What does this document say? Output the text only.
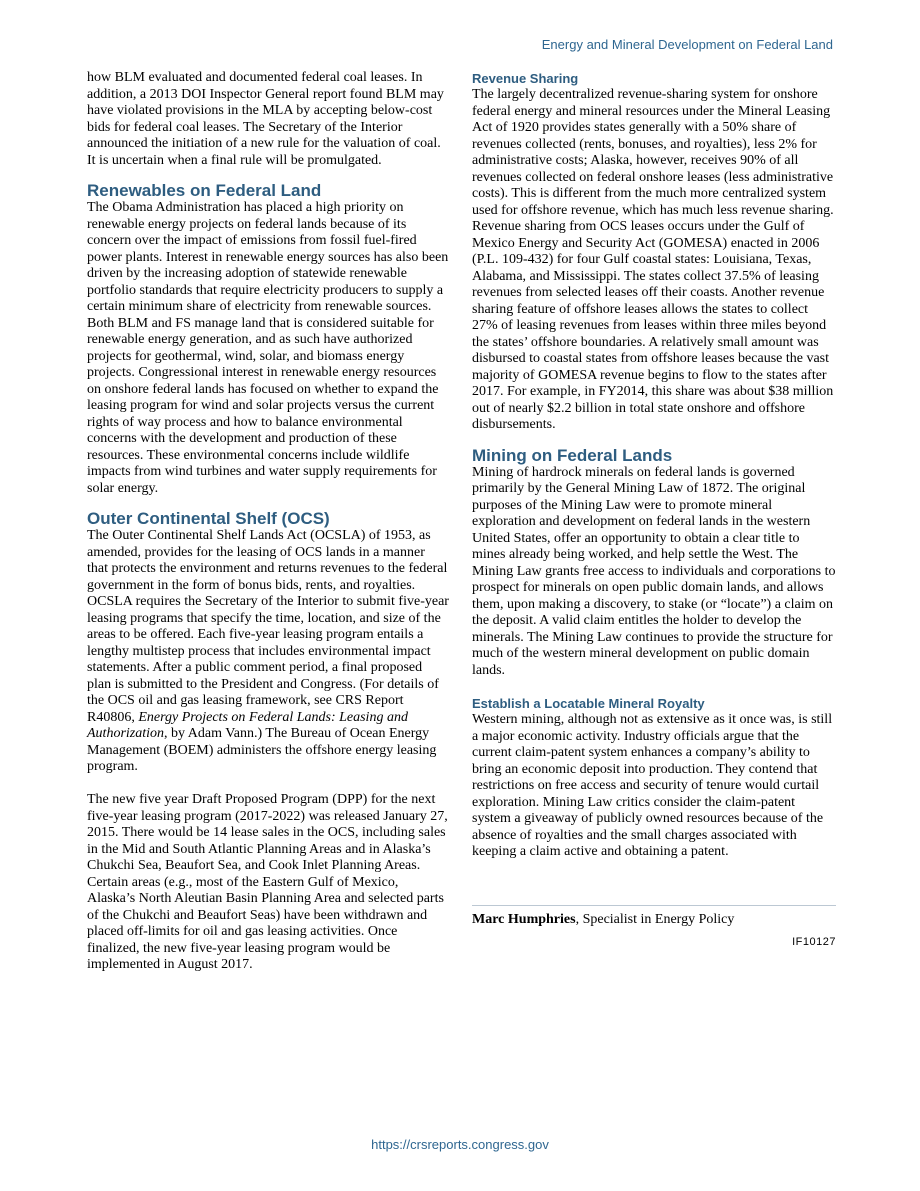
Energy and Mineral Development on Federal Land

how BLM evaluated and documented federal coal leases. In addition, a 2013 DOI Inspector General report found BLM may have violated provisions in the MLA by accepting below-cost bids for federal coal leases. The Secretary of the Interior announced the initiation of a new rule for the valuation of coal. It is uncertain when a final rule will be promulgated.

Renewables on Federal Land

The Obama Administration has placed a high priority on renewable energy projects on federal lands because of its concern over the impact of emissions from fossil fuel-fired power plants. Interest in renewable energy sources has also been driven by the increasing adoption of statewide renewable portfolio standards that require electricity producers to supply a certain minimum share of electricity from renewable sources. Both BLM and FS manage land that is considered suitable for renewable energy generation, and as such have authorized projects for geothermal, wind, solar, and biomass energy projects. Congressional interest in renewable energy resources on onshore federal lands has focused on whether to expand the leasing program for wind and solar projects versus the current rights of way process and how to balance environmental concerns with the development and production of these resources. These environmental concerns include wildlife impacts from wind turbines and water supply requirements for solar energy.

Outer Continental Shelf (OCS)

The Outer Continental Shelf Lands Act (OCSLA) of 1953, as amended, provides for the leasing of OCS lands in a manner that protects the environment and returns revenues to the federal government in the form of bonus bids, rents, and royalties. OCSLA requires the Secretary of the Interior to submit five-year leasing programs that specify the time, location, and size of the areas to be offered. Each five-year leasing program entails a lengthy multistep process that includes environmental impact statements. After a public comment period, a final proposed plan is submitted to the President and Congress. (For details of the OCS oil and gas leasing framework, see CRS Report R40806, Energy Projects on Federal Lands: Leasing and Authorization, by Adam Vann.) The Bureau of Ocean Energy Management (BOEM) administers the offshore energy leasing program.

The new five year Draft Proposed Program (DPP) for the next five-year leasing program (2017-2022) was released January 27, 2015. There would be 14 lease sales in the OCS, including sales in the Mid and South Atlantic Planning Areas and in Alaska’s Chukchi Sea, Beaufort Sea, and Cook Inlet Planning Areas. Certain areas (e.g., most of the Eastern Gulf of Mexico, Alaska’s North Aleutian Basin Planning Area and selected parts of the Chukchi and Beaufort Seas) have been withdrawn and placed off-limits for oil and gas leasing activities. Once finalized, the new five-year leasing program would be implemented in August 2017.

Revenue Sharing

The largely decentralized revenue-sharing system for onshore federal energy and mineral resources under the Mineral Leasing Act of 1920 provides states generally with a 50% share of revenues collected (rents, bonuses, and royalties), less 2% for administrative costs; Alaska, however, receives 90% of all revenues collected on federal onshore leases (less administrative costs). This is different from the much more centralized system used for offshore revenue, which has much less revenue sharing. Revenue sharing from OCS leases occurs under the Gulf of Mexico Energy and Security Act (GOMESA) enacted in 2006 (P.L. 109-432) for four Gulf coastal states: Louisiana, Texas, Alabama, and Mississippi. The states collect 37.5% of leasing revenues from selected leases off their coasts. Another revenue sharing feature of offshore leases allows the states to collect 27% of leasing revenues from leases within three miles beyond the states’ offshore boundaries. A relatively small amount was disbursed to coastal states from offshore leases because the vast majority of GOMESA revenue begins to flow to the states after 2017. For example, in FY2014, this share was about $38 million out of nearly $2.2 billion in total state onshore and offshore disbursements.

Mining on Federal Lands

Mining of hardrock minerals on federal lands is governed primarily by the General Mining Law of 1872. The original purposes of the Mining Law were to promote mineral exploration and development on federal lands in the western United States, offer an opportunity to obtain a clear title to mines already being worked, and help settle the West. The Mining Law grants free access to individuals and corporations to prospect for minerals on open public domain lands, and allows them, upon making a discovery, to stake (or “locate”) a claim on the deposit. A valid claim entitles the holder to develop the minerals. The Mining Law continues to provide the structure for much of the western mineral development on public domain lands.

Establish a Locatable Mineral Royalty

Western mining, although not as extensive as it once was, is still a major economic activity. Industry officials argue that the current claim-patent system enhances a company’s ability to bring an economic deposit into production. They contend that restrictions on free access and security of tenure would curtail exploration. Mining Law critics consider the claim-patent system a giveaway of publicly owned resources because of the absence of royalties and the small charges associated with keeping a claim active and obtaining a patent.

Marc Humphries, Specialist in Energy Policy

IF10127
https://crsreports.congress.gov
